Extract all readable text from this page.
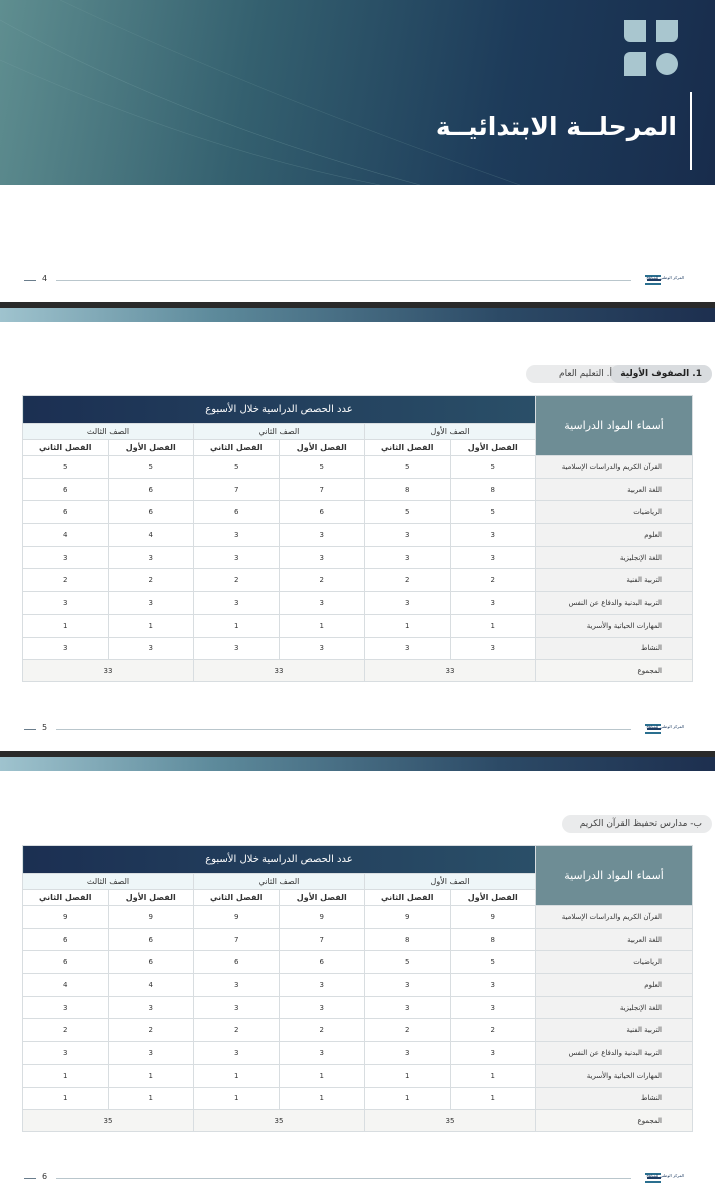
المرحلــة الابتدائيــة
4	المركز الوطني للمناهج
1. الصفوف الأولية
أ. التعليم العام
أسماء المواد الدراسية	عدد الحصص الدراسية خلال الأسبوع					
	الصف الأول		الصف الثاني		الصف الثالث	
	الفصل الأول	الفصل الثاني	الفصل الأول	الفصل الثاني	الفصل الأول	الفصل الثاني
القرآن الكريم والدراسات الإسلامية	5	5	5	5	5	5
اللغة العربية	8	8	7	7	6	6
الرياضيات	5	5	6	6	6	6
العلوم	3	3	3	3	4	4
اللغة الإنجليزية	3	3	3	3	3	3
التربية الفنية	2	2	2	2	2	2
التربية البدنية والدفاع عن النفس	3	3	3	3	3	3
المهارات الحياتية والأسرية	1	1	1	1	1	1
النشاط	3	3	3	3	3	3
المجموع	33		33		33	
5	المركز الوطني للمناهج
ب- مدارس تحفيظ القرآن الكريم
أسماء المواد الدراسية	عدد الحصص الدراسية خلال الأسبوع					
	الصف الأول		الصف الثاني		الصف الثالث	
	الفصل الأول	الفصل الثاني	الفصل الأول	الفصل الثاني	الفصل الأول	الفصل الثاني
القرآن الكريم والدراسات الإسلامية	9	9	9	9	9	9
اللغة العربية	8	8	7	7	6	6
الرياضيات	5	5	6	6	6	6
العلوم	3	3	3	3	4	4
اللغة الإنجليزية	3	3	3	3	3	3
التربية الفنية	2	2	2	2	2	2
التربية البدنية والدفاع عن النفس	3	3	3	3	3	3
المهارات الحياتية والأسرية	1	1	1	1	1	1
النشاط	1	1	1	1	1	1
المجموع	35		35		35	
6	المركز الوطني للمناهج
